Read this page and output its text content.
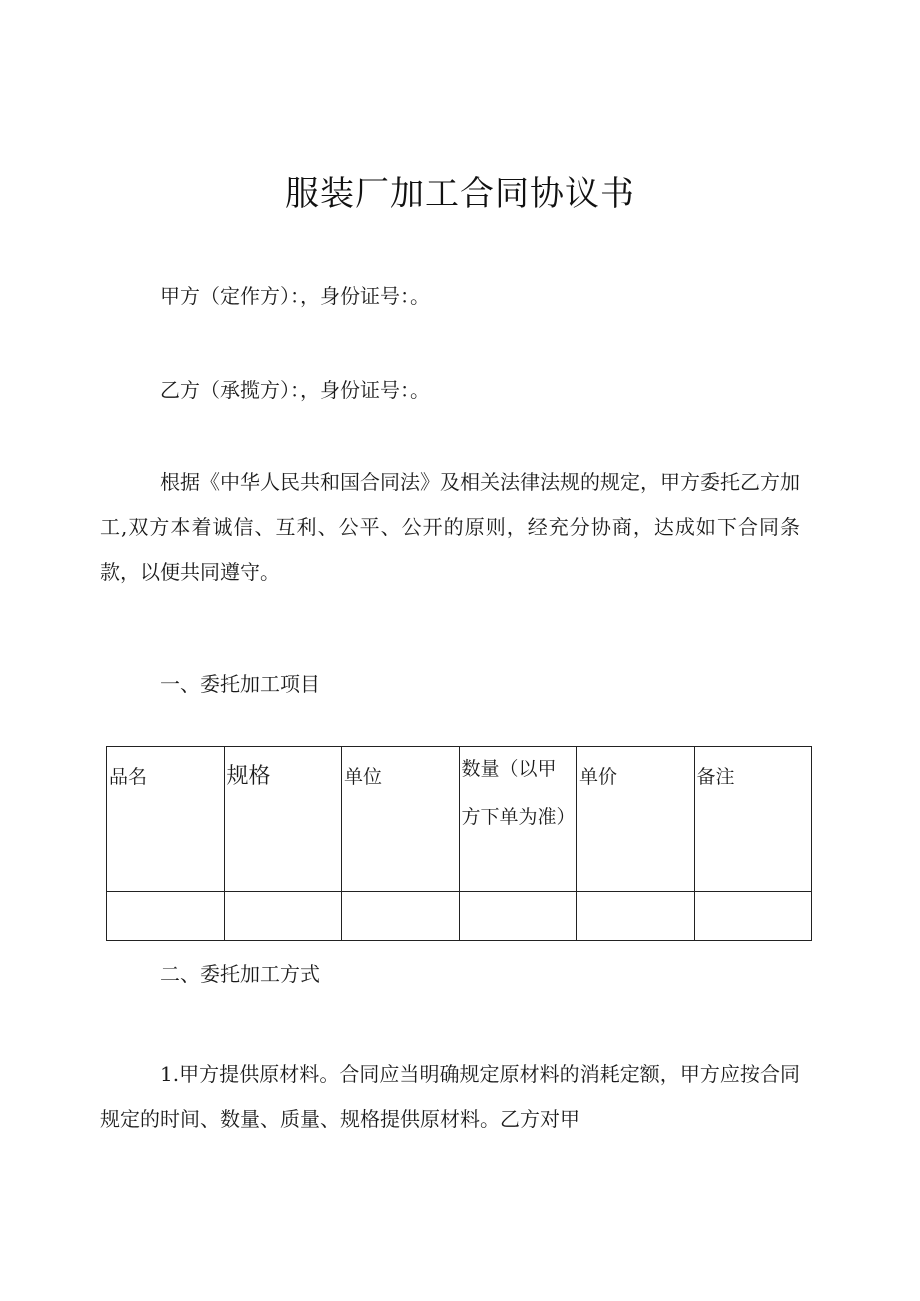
服装厂加工合同协议书
甲方（定作方）：，身份证号：。
乙方（承揽方）：，身份证号：。
根据《中华人民共和国合同法》及相关法律法规的规定，甲方委托乙方加工,双方本着诚信、互利、公平、公开的原则，经充分协商，达成如下合同条款，以便共同遵守。
一、委托加工项目
品名	规格	单位	数量（以甲方下单为准）	单价	备注

二、委托加工方式
1.甲方提供原材料。合同应当明确规定原材料的消耗定额，甲方应按合同规定的时间、数量、质量、规格提供原材料。乙方对甲
